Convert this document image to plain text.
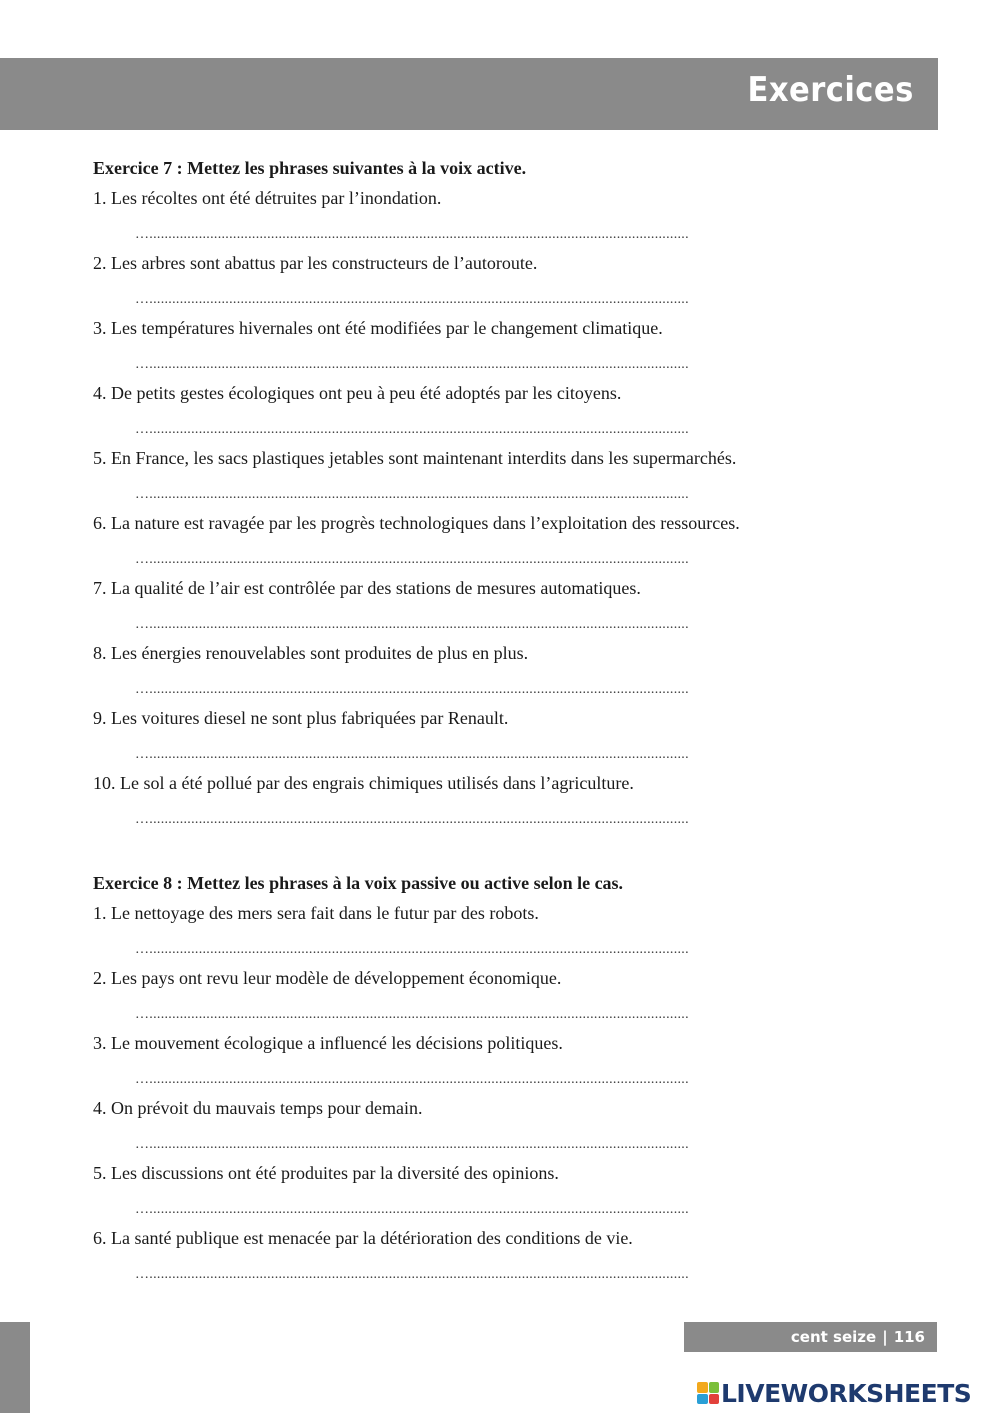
Exercices

Exercice 7 : Mettez les phrases suivantes à la voix active.

1. Les récoltes ont été détruites par l’inondation.
…..............................................................................................................................................
2. Les arbres sont abattus par les constructeurs de l’autoroute.
…..............................................................................................................................................
3. Les températures hivernales ont été modifiées par le changement climatique.
…..............................................................................................................................................
4. De petits gestes écologiques ont peu à peu été adoptés par les citoyens.
…..............................................................................................................................................
5. En France, les sacs plastiques jetables sont maintenant interdits dans les supermarchés.
…..............................................................................................................................................
6. La nature est ravagée par les progrès technologiques dans l’exploitation des ressources.
…..............................................................................................................................................
7. La qualité de l’air est contrôlée par des stations de mesures automatiques.
…..............................................................................................................................................
8. Les énergies renouvelables sont produites de plus en plus.
…..............................................................................................................................................
9. Les voitures diesel ne sont plus fabriquées par Renault.
…..............................................................................................................................................
10. Le sol a été pollué par des engrais chimiques utilisés dans l’agriculture.
…..............................................................................................................................................

Exercice 8 : Mettez les phrases à la voix passive ou active selon le cas.

1. Le nettoyage des mers sera fait dans le futur par des robots.
…..............................................................................................................................................
2. Les pays ont revu leur modèle de développement économique.
…..............................................................................................................................................
3. Le mouvement écologique a influencé les décisions politiques.
…..............................................................................................................................................
4. On prévoit du mauvais temps pour demain.
…..............................................................................................................................................
5. Les discussions ont été produites par la diversité des opinions.
…..............................................................................................................................................
6. La santé publique est menacée par la détérioration des conditions de vie.
…..............................................................................................................................................
cent seize | 116
LIVEWORKSHEETS
